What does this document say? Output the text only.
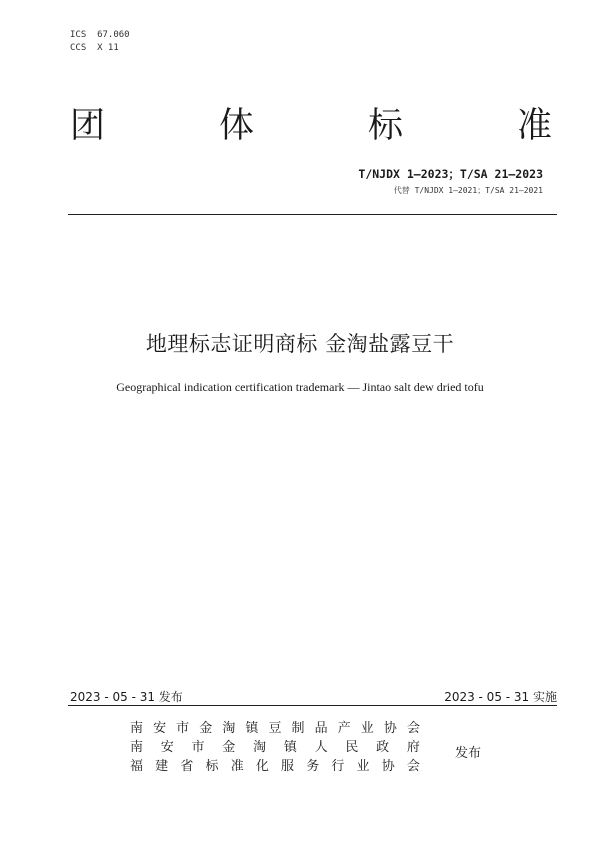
ICS  67.060
CCS  X 11
团	体	标	准
T/NJDX 1—2023；T/SA 21—2023
代替 T/NJDX 1—2021；T/SA 21—2021
地理标志证明商标 金淘盐露豆干
Geographical indication certification trademark — Jintao salt dew dried tofu
2023 - 05 - 31 发布	2023 - 05 - 31 实施
南 安 市 金 淘 镇 豆 制 品 产 业 协 会
南 安 市 金 淘 镇 人 民 政 府
福 建 省 标 准 化 服 务 行 业 协 会
发布
